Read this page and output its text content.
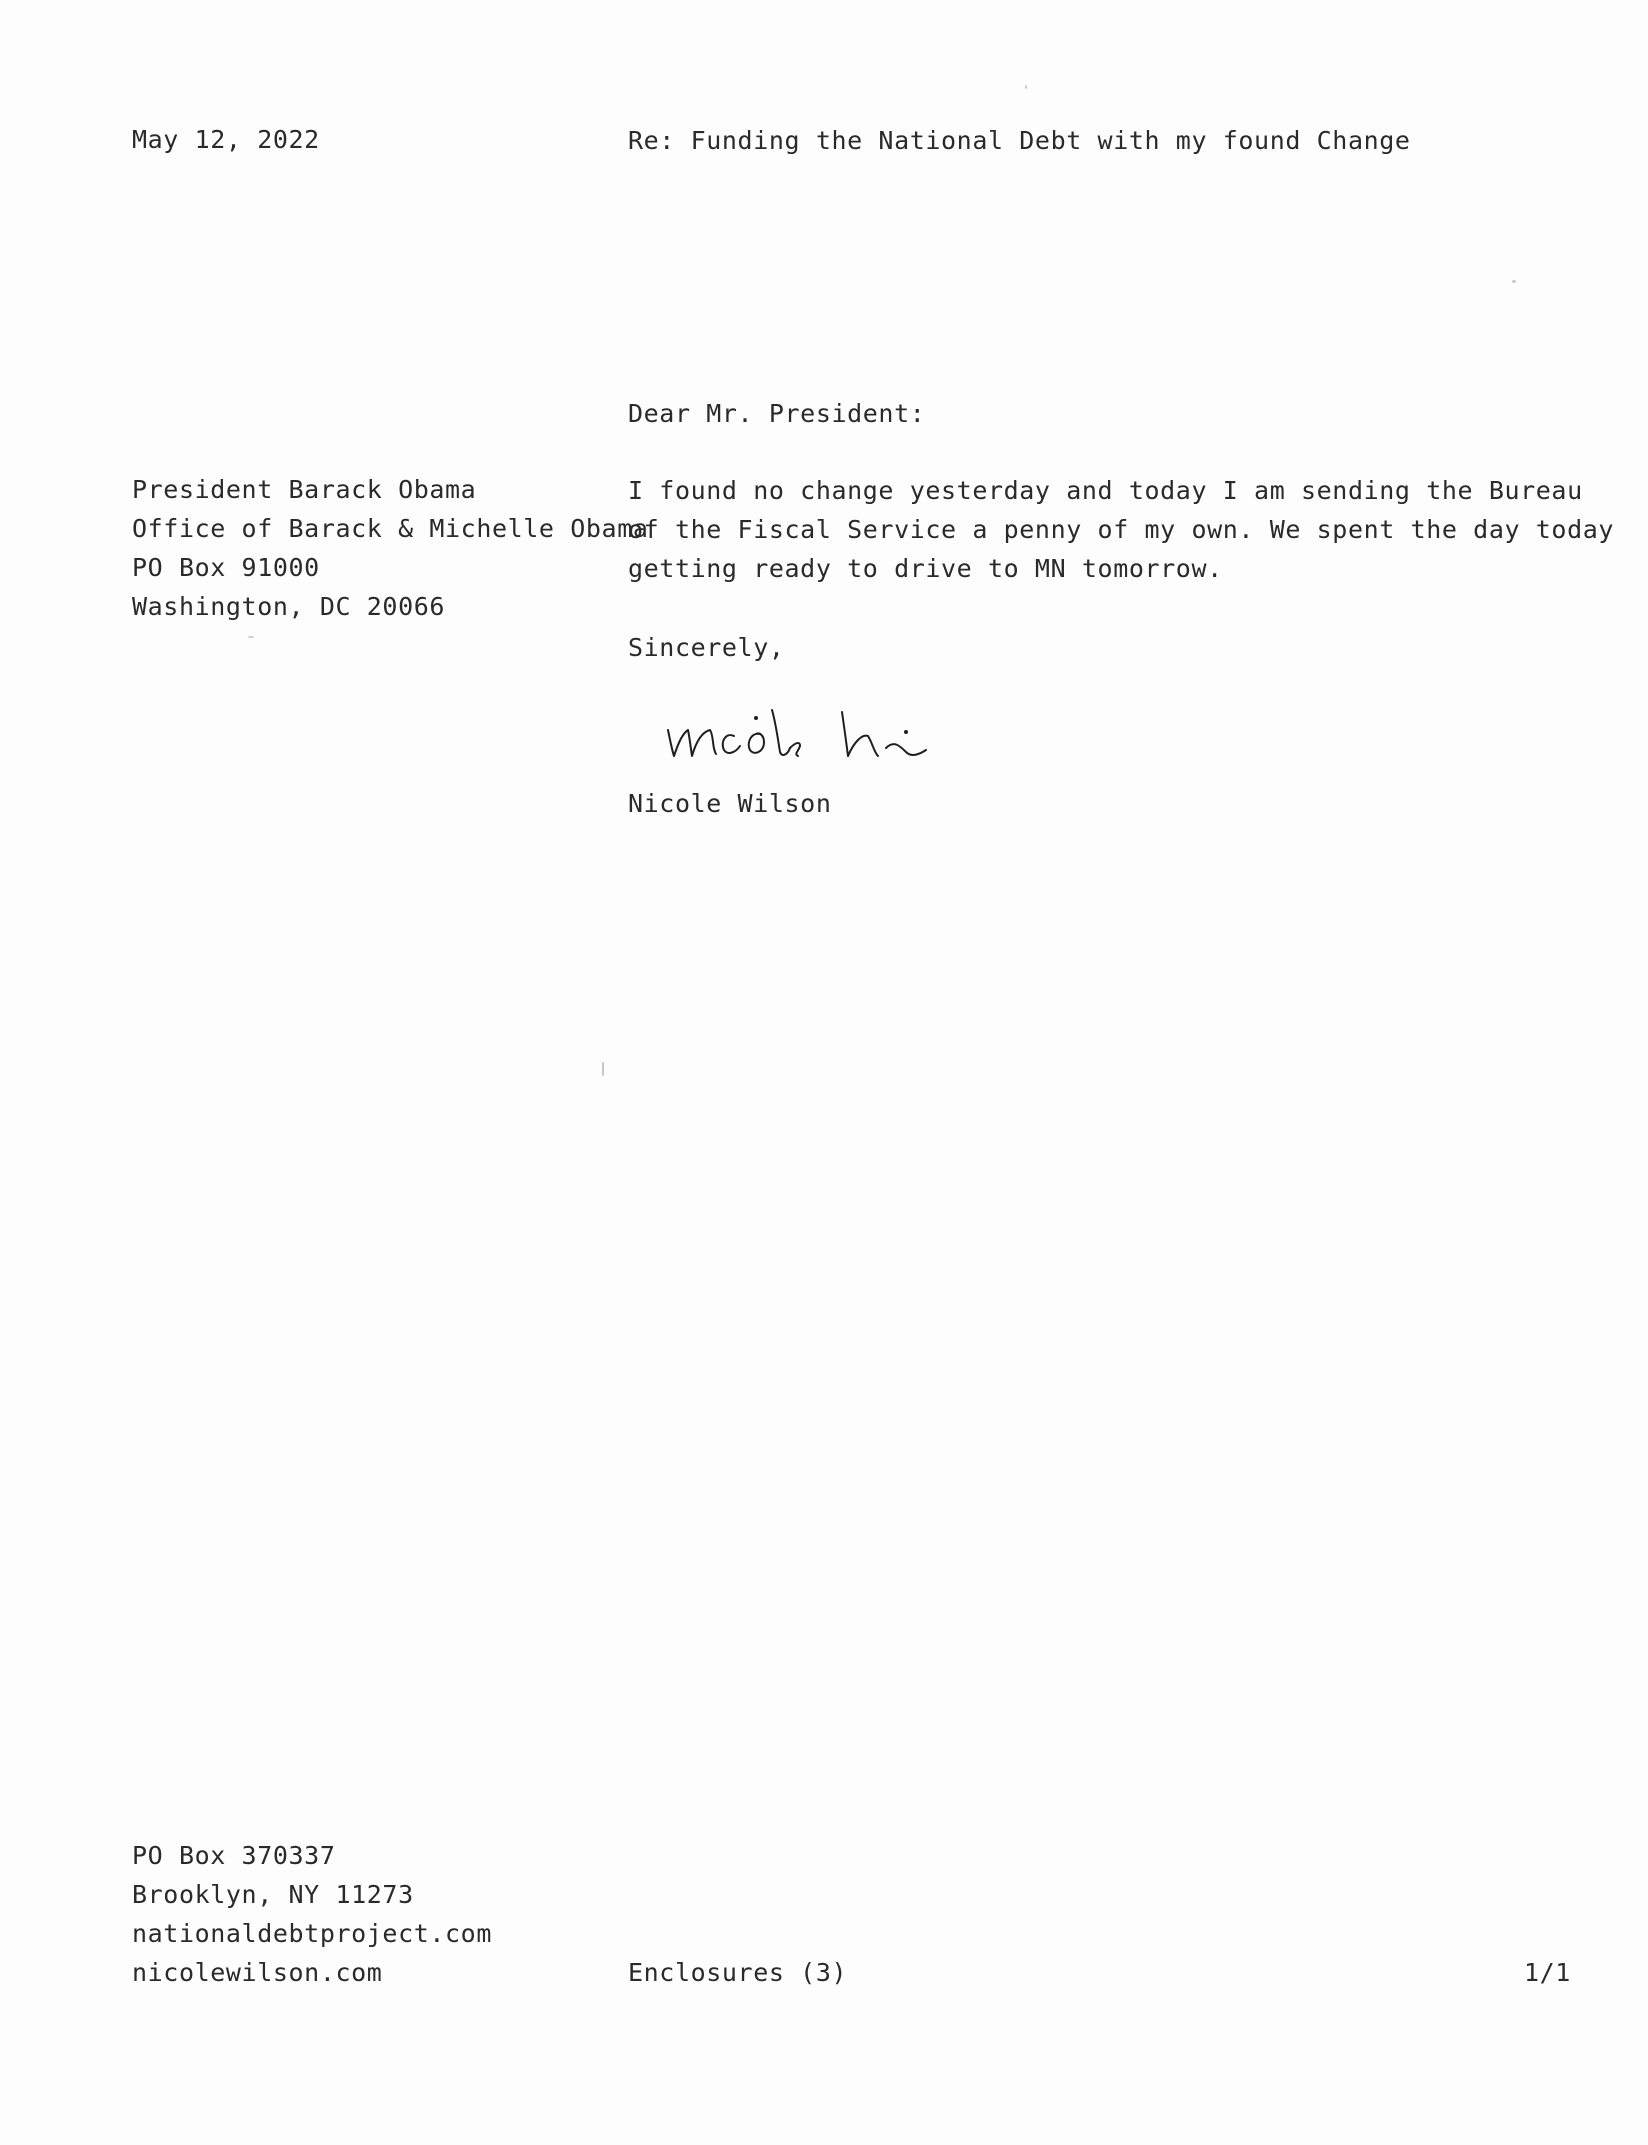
May 12, 2022	Re: Funding the National Debt with my found Change
Dear Mr. President:
President Barack Obama
Office of Barack & Michelle Obama
PO Box 91000
Washington, DC 20066
I found no change yesterday and today I am sending the Bureau
of the Fiscal Service a penny of my own. We spent the day today
getting ready to drive to MN tomorrow.
Sincerely,
Nicole Wilson
PO Box 370337
Brooklyn, NY 11273
nationaldebtproject.com
nicolewilson.com	Enclosures (3)	1/1
